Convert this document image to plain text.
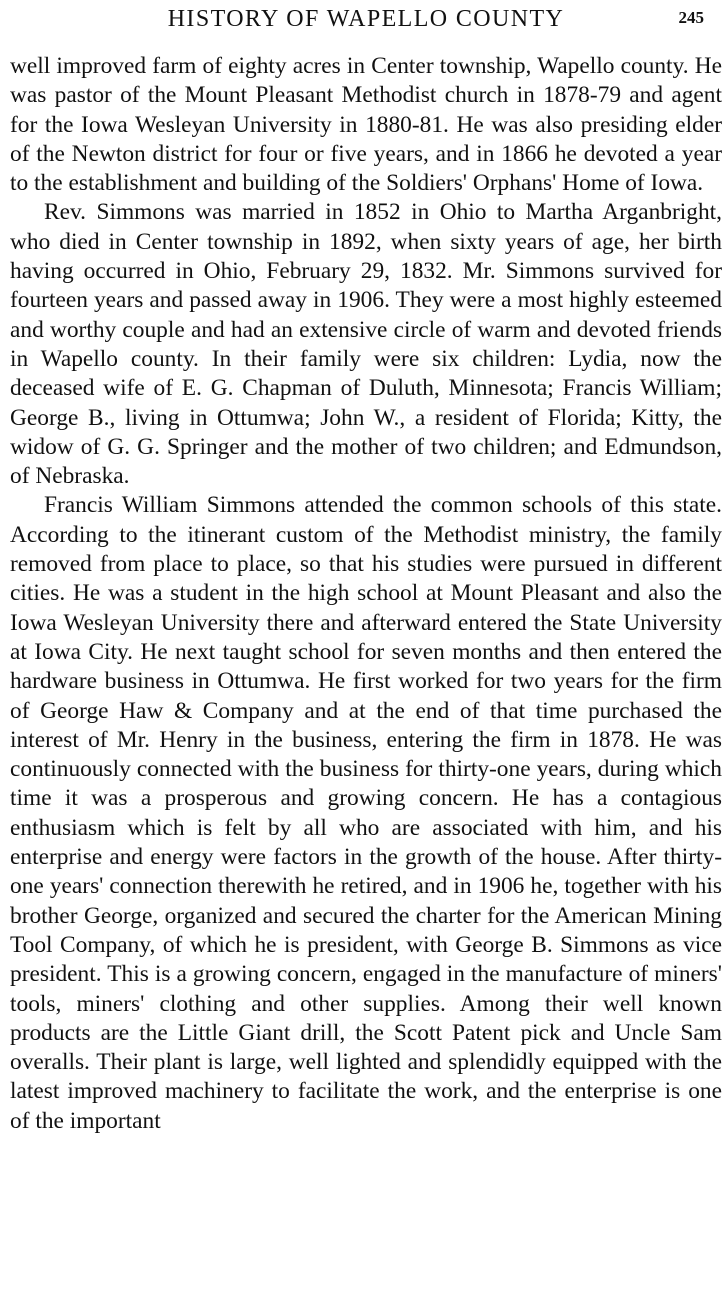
HISTORY OF WAPELLO COUNTY	245

well improved farm of eighty acres in Center township, Wapello county. He was pastor of the Mount Pleasant Methodist church in 1878-79 and agent for the Iowa Wesleyan University in 1880-81. He was also presiding elder of the Newton district for four or five years, and in 1866 he devoted a year to the establishment and building of the Soldiers' Orphans' Home of Iowa.

Rev. Simmons was married in 1852 in Ohio to Martha Arganbright, who died in Center township in 1892, when sixty years of age, her birth having occurred in Ohio, February 29, 1832. Mr. Simmons survived for fourteen years and passed away in 1906. They were a most highly esteemed and worthy couple and had an extensive circle of warm and devoted friends in Wapello county. In their family were six children: Lydia, now the deceased wife of E. G. Chapman of Duluth, Minnesota; Francis William; George B., living in Ottumwa; John W., a resident of Florida; Kitty, the widow of G. G. Springer and the mother of two children; and Edmundson, of Nebraska.

Francis William Simmons attended the common schools of this state. According to the itinerant custom of the Methodist ministry, the family removed from place to place, so that his studies were pursued in different cities. He was a student in the high school at Mount Pleasant and also the Iowa Wesleyan University there and afterward entered the State University at Iowa City. He next taught school for seven months and then entered the hardware business in Ottumwa. He first worked for two years for the firm of George Haw & Company and at the end of that time purchased the interest of Mr. Henry in the business, entering the firm in 1878. He was continuously connected with the business for thirty-one years, during which time it was a prosperous and growing concern. He has a contagious enthusiasm which is felt by all who are associated with him, and his enterprise and energy were factors in the growth of the house. After thirty-one years' connection therewith he retired, and in 1906 he, together with his brother George, organized and secured the charter for the American Mining Tool Company, of which he is president, with George B. Simmons as vice president. This is a growing concern, engaged in the manufacture of miners' tools, miners' clothing and other supplies. Among their well known products are the Little Giant drill, the Scott Patent pick and Uncle Sam overalls. Their plant is large, well lighted and splendidly equipped with the latest improved machinery to facilitate the work, and the enterprise is one of the important
